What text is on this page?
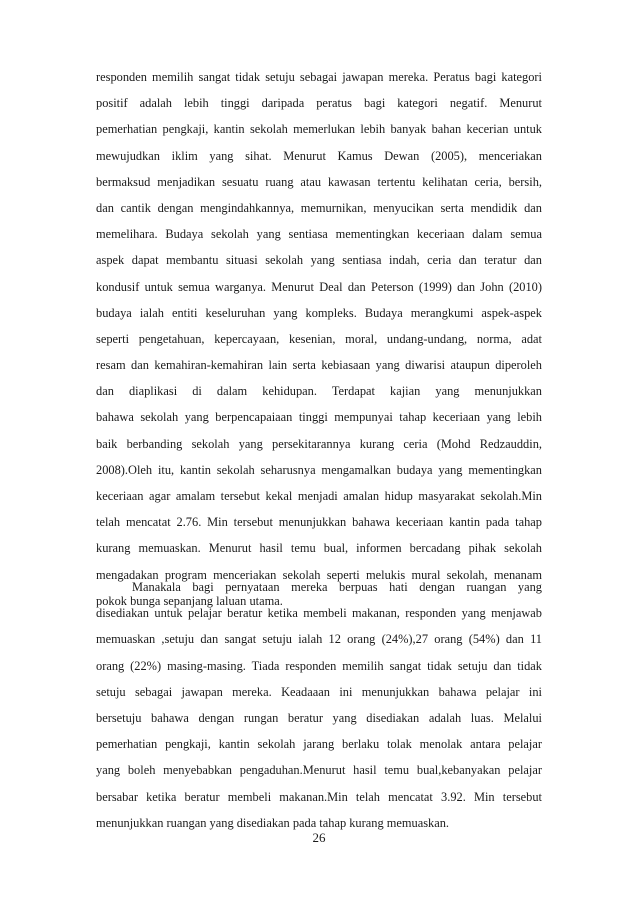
responden memilih sangat tidak setuju sebagai jawapan mereka. Peratus bagi kategori
positif adalah lebih tinggi daripada peratus bagi kategori negatif. Menurut
pemerhatian pengkaji, kantin sekolah memerlukan lebih banyak bahan kecerian untuk
mewujudkan iklim yang sihat. Menurut Kamus Dewan (2005), menceriakan
bermaksud menjadikan sesuatu ruang atau kawasan tertentu kelihatan ceria, bersih,
dan cantik dengan mengindahkannya, memurnikan, menyucikan serta mendidik dan
memelihara. Budaya sekolah yang sentiasa mementingkan keceriaan dalam semua
aspek dapat membantu situasi sekolah yang sentiasa indah, ceria dan teratur dan
kondusif untuk semua warganya. Menurut Deal dan Peterson (1999) dan John (2010)
budaya ialah entiti keseluruhan yang kompleks. Budaya merangkumi aspek-aspek
seperti pengetahuan, kepercayaan, kesenian, moral, undang-undang, norma, adat
resam dan kemahiran-kemahiran lain serta kebiasaan yang diwarisi ataupun diperoleh
dan diaplikasi di dalam kehidupan. Terdapat kajian yang menunjukkan
bahawa sekolah yang berpencapaiaan tinggi mempunyai tahap keceriaan yang lebih
baik berbanding sekolah yang persekitarannya kurang ceria (Mohd Redzauddin,
2008).Oleh itu, kantin sekolah seharusnya mengamalkan budaya yang mementingkan
keceriaan agar amalam tersebut kekal menjadi amalan hidup masyarakat sekolah.Min
telah mencatat 2.76. Min tersebut menunjukkan bahawa keceriaan kantin pada tahap
kurang memuaskan. Menurut hasil temu bual, informen bercadang pihak sekolah
mengadakan program menceriakan sekolah seperti melukis mural sekolah, menanam
pokok bunga sepanjang laluan utama.
Manakala bagi pernyataan mereka berpuas hati dengan ruangan yang
disediakan untuk pelajar beratur ketika membeli makanan, responden yang menjawab
memuaskan ,setuju dan sangat setuju ialah 12 orang (24%),27 orang (54%) dan 11
orang (22%) masing-masing. Tiada responden memilih sangat tidak setuju dan tidak
setuju sebagai jawapan mereka. Keadaaan ini menunjukkan bahawa pelajar ini
bersetuju bahawa dengan rungan beratur yang disediakan adalah luas. Melalui
pemerhatian pengkaji, kantin sekolah jarang berlaku tolak menolak antara pelajar
yang boleh menyebabkan pengaduhan.Menurut hasil temu bual,kebanyakan pelajar
bersabar ketika beratur membeli makanan.Min telah mencatat 3.92. Min tersebut
menunjukkan ruangan yang disediakan pada tahap kurang memuaskan.
26
